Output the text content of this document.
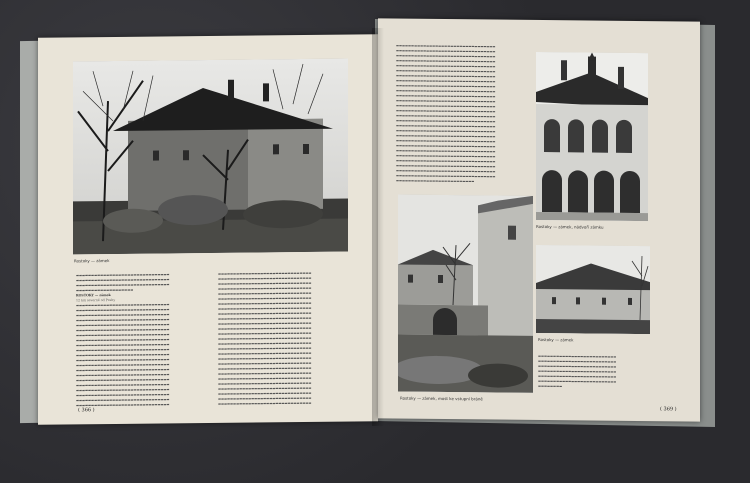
Rostoky — zámek
▬▬▬▬▬▬▬▬▬▬▬▬▬▬▬▬▬▬▬▬▬▬▬▬▬▬▬▬▬▬▬
▬▬▬▬▬▬▬▬▬▬▬▬▬▬▬▬▬▬▬▬▬▬▬▬▬▬▬▬▬▬▬
▬▬▬▬▬▬▬▬▬▬▬▬▬▬▬▬▬▬▬▬▬▬▬▬▬▬▬▬▬▬▬
▬▬▬▬▬▬▬▬▬▬▬▬▬▬▬▬▬▬▬
ROSTOKY — zámek
12 km severně od Prahy
▬▬▬▬▬▬▬▬▬▬▬▬▬▬▬▬▬▬▬▬▬▬▬▬▬▬▬▬▬▬▬
▬▬▬▬▬▬▬▬▬▬▬▬▬▬▬▬▬▬▬▬▬▬▬▬▬▬▬▬▬▬▬
▬▬▬▬▬▬▬▬▬▬▬▬▬▬▬▬▬▬▬▬▬▬▬▬▬▬▬▬▬▬▬
▬▬▬▬▬▬▬▬▬▬▬▬▬▬▬▬▬▬▬▬▬▬▬▬▬▬▬▬▬▬▬
▬▬▬▬▬▬▬▬▬▬▬▬▬▬▬▬▬▬▬▬▬▬▬▬▬▬▬▬▬▬▬
▬▬▬▬▬▬▬▬▬▬▬▬▬▬▬▬▬▬▬▬▬▬▬▬▬▬▬▬▬▬▬
▬▬▬▬▬▬▬▬▬▬▬▬▬▬▬▬▬▬▬▬▬▬▬▬▬▬▬▬▬▬▬
▬▬▬▬▬▬▬▬▬▬▬▬▬▬▬▬▬▬▬▬▬▬▬▬▬▬▬▬▬▬▬
▬▬▬▬▬▬▬▬▬▬▬▬▬▬▬▬▬▬▬▬▬▬▬▬▬▬▬▬▬▬▬
▬▬▬▬▬▬▬▬▬▬▬▬▬▬▬▬▬▬▬▬▬▬▬▬▬▬▬▬▬▬▬
▬▬▬▬▬▬▬▬▬▬▬▬▬▬▬▬▬▬▬▬▬▬▬▬▬▬▬▬▬▬▬
▬▬▬▬▬▬▬▬▬▬▬▬▬▬▬▬▬▬▬▬▬▬▬▬▬▬▬▬▬▬▬
▬▬▬▬▬▬▬▬▬▬▬▬▬▬▬▬▬▬▬▬▬▬▬▬▬▬▬▬▬▬▬
▬▬▬▬▬▬▬▬▬▬▬▬▬▬▬▬▬▬▬▬▬▬▬▬▬▬▬▬▬▬▬
▬▬▬▬▬▬▬▬▬▬▬▬▬▬▬▬▬▬▬▬▬▬▬▬▬▬▬▬▬▬▬
▬▬▬▬▬▬▬▬▬▬▬▬▬▬▬▬▬▬▬▬▬▬▬▬▬▬▬▬▬▬▬
▬▬▬▬▬▬▬▬▬▬▬▬▬▬▬▬▬▬▬▬▬▬▬▬▬▬▬▬▬▬▬
▬▬▬▬▬▬▬▬▬▬▬▬▬▬▬▬▬▬▬▬▬▬▬▬▬▬▬▬▬▬▬
▬▬▬▬▬▬▬▬▬▬▬▬▬▬▬▬▬▬▬▬▬▬▬▬▬▬▬▬▬▬▬
▬▬▬▬▬▬▬▬▬▬▬▬▬▬▬▬▬▬▬▬▬▬▬▬▬▬▬▬▬▬▬
▬▬▬▬▬▬▬▬▬▬▬▬▬▬▬▬▬▬▬▬▬▬▬▬▬▬▬▬▬▬▬
▬▬▬▬▬▬▬▬▬▬▬▬▬▬▬▬▬▬▬▬▬▬▬▬▬▬▬▬▬▬▬
▬▬▬▬▬▬▬▬▬▬▬▬▬▬▬▬▬▬▬▬▬▬▬▬▬▬▬▬▬▬▬
▬▬▬▬▬▬▬▬▬▬▬▬▬▬▬▬▬▬▬▬▬▬▬▬▬▬▬▬▬▬▬
▬▬▬▬▬▬▬▬▬▬▬▬▬▬▬▬▬▬▬▬▬▬▬▬▬▬▬▬▬▬▬
▬▬▬▬▬▬▬▬▬▬▬▬▬▬▬▬▬▬▬▬▬▬▬▬▬▬▬▬▬▬▬
▬▬▬▬▬▬▬▬▬▬▬▬▬▬▬▬▬▬▬▬▬▬▬▬▬▬▬▬▬▬▬
▬▬▬▬▬▬▬▬▬▬▬▬▬▬▬▬▬▬▬▬▬▬▬▬▬▬▬▬▬▬▬
▬▬▬▬▬▬▬▬▬▬▬▬▬▬▬▬▬▬▬▬▬▬▬▬▬▬▬▬▬▬▬
▬▬▬▬▬▬▬▬▬▬▬▬▬▬▬▬▬▬▬▬▬▬▬▬▬▬▬▬▬▬▬
▬▬▬▬▬▬▬▬▬▬▬▬▬▬▬▬▬▬▬▬▬▬▬▬▬▬▬▬▬▬▬
▬▬▬▬▬▬▬▬▬▬▬▬▬▬▬▬▬▬▬▬▬▬▬▬▬▬▬▬▬▬▬
▬▬▬▬▬▬▬▬▬▬▬▬▬▬▬▬▬▬▬▬▬▬▬▬▬▬▬▬▬▬▬
▬▬▬▬▬▬▬▬▬▬▬▬▬▬▬▬▬▬▬▬▬▬▬▬▬▬▬▬▬▬▬
▬▬▬▬▬▬▬▬▬▬▬▬▬▬▬▬▬▬▬▬▬▬▬▬▬▬▬▬▬▬▬
▬▬▬▬▬▬▬▬▬▬▬▬▬▬▬▬▬▬▬▬▬▬▬▬▬▬▬▬▬▬▬
▬▬▬▬▬▬▬▬▬▬▬▬▬▬▬▬▬▬▬▬▬▬▬▬▬▬▬▬▬▬▬
▬▬▬▬▬▬▬▬▬▬▬▬▬▬▬▬▬▬▬▬▬▬▬▬▬▬▬▬▬▬▬
▬▬▬▬▬▬▬▬▬▬▬▬▬▬▬▬▬▬▬▬▬▬▬▬▬▬▬▬▬▬▬
▬▬▬▬▬▬▬▬▬▬▬▬▬▬▬▬▬▬▬▬▬▬▬▬▬▬▬▬▬▬▬
▬▬▬▬▬▬▬▬▬▬▬▬▬▬▬▬▬▬▬▬▬▬▬▬▬▬▬▬▬▬▬
▬▬▬▬▬▬▬▬▬▬▬▬▬▬▬▬▬▬▬▬▬▬▬▬▬▬▬▬▬▬▬
▬▬▬▬▬▬▬▬▬▬▬▬▬▬▬▬▬▬▬▬▬▬▬▬▬▬▬▬▬▬▬
▬▬▬▬▬▬▬▬▬▬▬▬▬▬▬▬▬▬▬▬▬▬▬▬▬▬▬▬▬▬▬
▬▬▬▬▬▬▬▬▬▬▬▬▬▬▬▬▬▬▬▬▬▬▬▬▬▬▬▬▬▬▬
▬▬▬▬▬▬▬▬▬▬▬▬▬▬▬▬▬▬▬▬▬▬▬▬▬▬▬▬▬▬▬
▬▬▬▬▬▬▬▬▬▬▬▬▬▬▬▬▬▬▬▬▬▬▬▬▬▬▬▬▬▬▬
▬▬▬▬▬▬▬▬▬▬▬▬▬▬▬▬▬▬▬▬▬▬▬▬▬▬▬▬▬▬▬
( 366 )
▬▬▬▬▬▬▬▬▬▬▬▬▬▬▬▬▬▬▬▬▬▬▬▬▬▬▬▬▬▬▬▬▬
▬▬▬▬▬▬▬▬▬▬▬▬▬▬▬▬▬▬▬▬▬▬▬▬▬▬▬▬▬▬▬▬▬
▬▬▬▬▬▬▬▬▬▬▬▬▬▬▬▬▬▬▬▬▬▬▬▬▬▬▬▬▬▬▬▬▬
▬▬▬▬▬▬▬▬▬▬▬▬▬▬▬▬▬▬▬▬▬▬▬▬▬▬▬▬▬▬▬▬▬
▬▬▬▬▬▬▬▬▬▬▬▬▬▬▬▬▬▬▬▬▬▬▬▬▬▬▬▬▬▬▬▬▬
▬▬▬▬▬▬▬▬▬▬▬▬▬▬▬▬▬▬▬▬▬▬▬▬▬▬▬▬▬▬▬▬▬
▬▬▬▬▬▬▬▬▬▬▬▬▬▬▬▬▬▬▬▬▬▬▬▬▬▬▬▬▬▬▬▬▬
▬▬▬▬▬▬▬▬▬▬▬▬▬▬▬▬▬▬▬▬▬▬▬▬▬▬▬▬▬▬▬▬▬
▬▬▬▬▬▬▬▬▬▬▬▬▬▬▬▬▬▬▬▬▬▬▬▬▬▬▬▬▬▬▬▬▬
▬▬▬▬▬▬▬▬▬▬▬▬▬▬▬▬▬▬▬▬▬▬▬▬▬▬▬▬▬▬▬▬▬
▬▬▬▬▬▬▬▬▬▬▬▬▬▬▬▬▬▬▬▬▬▬▬▬▬▬▬▬▬▬▬▬▬
▬▬▬▬▬▬▬▬▬▬▬▬▬▬▬▬▬▬▬▬▬▬▬▬▬▬▬▬▬▬▬▬▬
▬▬▬▬▬▬▬▬▬▬▬▬▬▬▬▬▬▬▬▬▬▬▬▬▬▬▬▬▬▬▬▬▬
▬▬▬▬▬▬▬▬▬▬▬▬▬▬▬▬▬▬▬▬▬▬▬▬▬▬▬▬▬▬▬▬▬
▬▬▬▬▬▬▬▬▬▬▬▬▬▬▬▬▬▬▬▬▬▬▬▬▬▬▬▬▬▬▬▬▬
▬▬▬▬▬▬▬▬▬▬▬▬▬▬▬▬▬▬▬▬▬▬▬▬▬▬▬▬▬▬▬▬▬
▬▬▬▬▬▬▬▬▬▬▬▬▬▬▬▬▬▬▬▬▬▬▬▬▬▬▬▬▬▬▬▬▬
▬▬▬▬▬▬▬▬▬▬▬▬▬▬▬▬▬▬▬▬▬▬▬▬▬▬▬▬▬▬▬▬▬
▬▬▬▬▬▬▬▬▬▬▬▬▬▬▬▬▬▬▬▬▬▬▬▬▬▬▬▬▬▬▬▬▬
▬▬▬▬▬▬▬▬▬▬▬▬▬▬▬▬▬▬▬▬▬▬▬▬▬▬▬▬▬▬▬▬▬
▬▬▬▬▬▬▬▬▬▬▬▬▬▬▬▬▬▬▬▬▬▬▬▬▬▬▬▬▬▬▬▬▬
▬▬▬▬▬▬▬▬▬▬▬▬▬▬▬▬▬▬▬▬▬▬▬▬▬▬▬▬▬▬▬▬▬
▬▬▬▬▬▬▬▬▬▬▬▬▬▬▬▬▬▬▬▬▬▬▬▬▬▬▬▬▬▬▬▬▬
▬▬▬▬▬▬▬▬▬▬▬▬▬▬▬▬▬▬▬▬▬▬▬▬▬▬▬▬▬▬▬▬▬
▬▬▬▬▬▬▬▬▬▬▬▬▬▬▬▬▬▬▬▬▬▬▬▬▬▬▬▬▬▬▬▬▬
▬▬▬▬▬▬▬▬▬▬▬▬▬▬▬▬▬▬▬▬▬▬▬▬▬▬▬▬▬▬▬▬▬
▬▬▬▬▬▬▬▬▬▬▬▬▬▬▬▬▬▬▬▬▬▬▬▬▬▬▬▬▬▬▬▬▬
▬▬▬▬▬▬▬▬▬▬▬▬▬▬▬▬▬▬▬▬▬▬▬▬▬▬
Rostoky — zámek, nádvoří zámku
Rostoky — zámek, most ke vstupní bráně
Rostoky — zámek
▬▬▬▬▬▬▬▬▬▬▬▬▬▬▬▬▬▬▬▬▬▬▬▬▬▬
▬▬▬▬▬▬▬▬▬▬▬▬▬▬▬▬▬▬▬▬▬▬▬▬▬▬
▬▬▬▬▬▬▬▬▬▬▬▬▬▬▬▬▬▬▬▬▬▬▬▬▬▬
▬▬▬▬▬▬▬▬▬▬▬▬▬▬▬▬▬▬▬▬▬▬▬▬▬▬
▬▬▬▬▬▬▬▬▬▬▬▬▬▬▬▬▬▬▬▬▬▬▬▬▬▬
▬▬▬▬▬▬▬▬▬▬▬▬▬▬▬▬▬▬▬▬▬▬▬▬▬▬
▬▬▬▬▬▬▬▬
( 369 )
